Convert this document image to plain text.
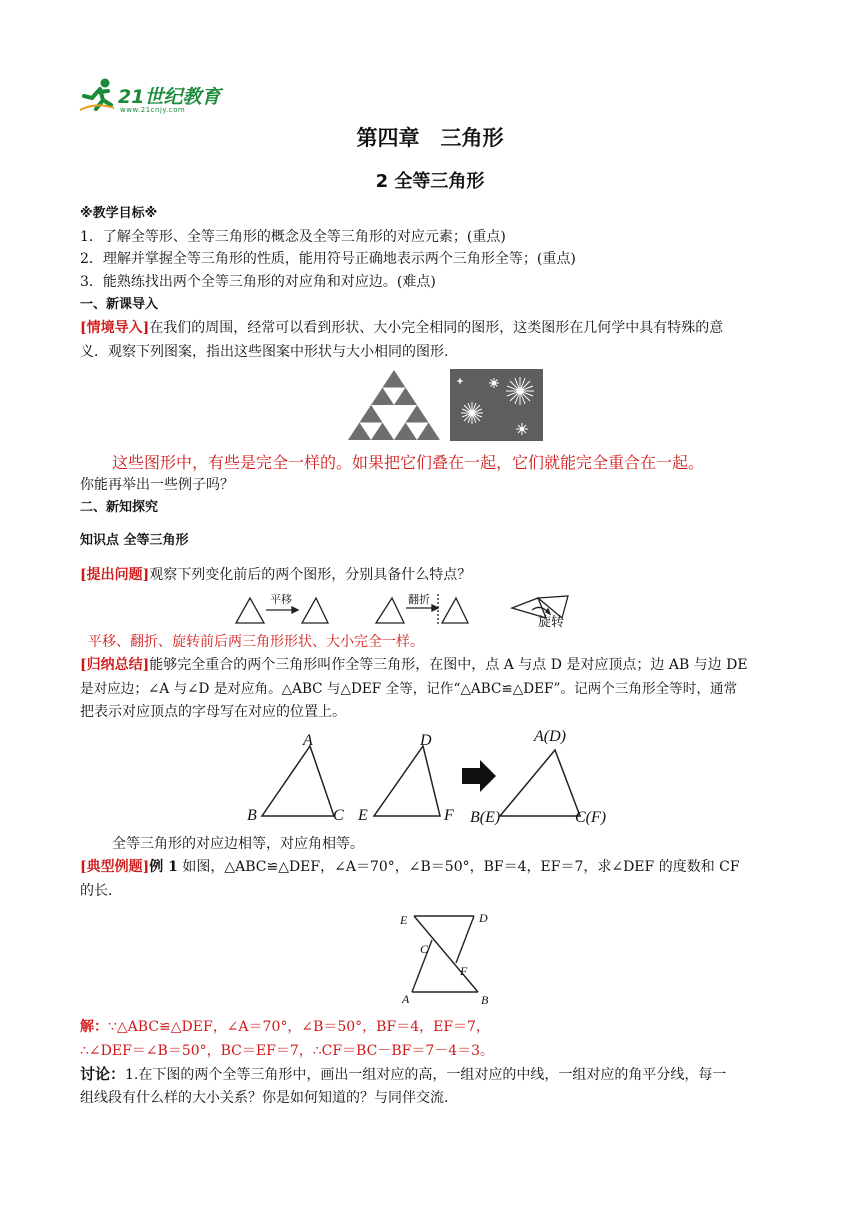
21世纪教育
www.21cnjy.com
第四章　三角形
2 全等三角形
※教学目标※
1．了解全等形、全等三角形的概念及全等三角形的对应元素；(重点)
2．理解并掌握全等三角形的性质，能用符号正确地表示两个三角形全等；(重点)
3．能熟练找出两个全等三角形的对应角和对应边。(难点)
一、新课导入
[情境导入]在我们的周围，经常可以看到形状、大小完全相同的图形，这类图形在几何学中具有特殊的意
义．观察下列图案，指出这些图案中形状与大小相同的图形.
这些图形中，有些是完全一样的。如果把它们叠在一起，它们就能完全重合在一起。
你能再举出一些例子吗？
二、新知探究
知识点 全等三角形
[提出问题]观察下列变化前后的两个图形，分别具备什么特点？
平移	翻折
旋转
平移、翻折、旋转前后两三角形形状、大小完全一样。
[归纳总结]能够完全重合的两个三角形叫作全等三角形，在图中，点 A 与点 D 是对应顶点；边 AB 与边 DE
是对应边；∠A 与∠D 是对应角。△ABC 与△DEF 全等，记作“△ABC≌△DEF”。记两个三角形全等时，通常
把表示对应顶点的字母写在对应的位置上。
A
B	C
D
E	F
A(D)
B(E)	C(F)
全等三角形的对应边相等，对应角相等。
[典型例题]例 1 如图，△ABC≌△DEF，∠A＝70°，∠B＝50°，BF＝4，EF＝7，求∠DEF 的度数和 CF
的长.
E	D
C
F
A	B
解：∵△ABC≌△DEF，∠A＝70°，∠B＝50°，BF＝4，EF＝7，
∴∠DEF＝∠B＝50°，BC＝EF＝7，∴CF＝BC－BF＝7－4＝3。
讨论：1.在下图的两个全等三角形中，画出一组对应的高，一组对应的中线，一组对应的角平分线，每一
组线段有什么样的大小关系？你是如何知道的？与同伴交流.
